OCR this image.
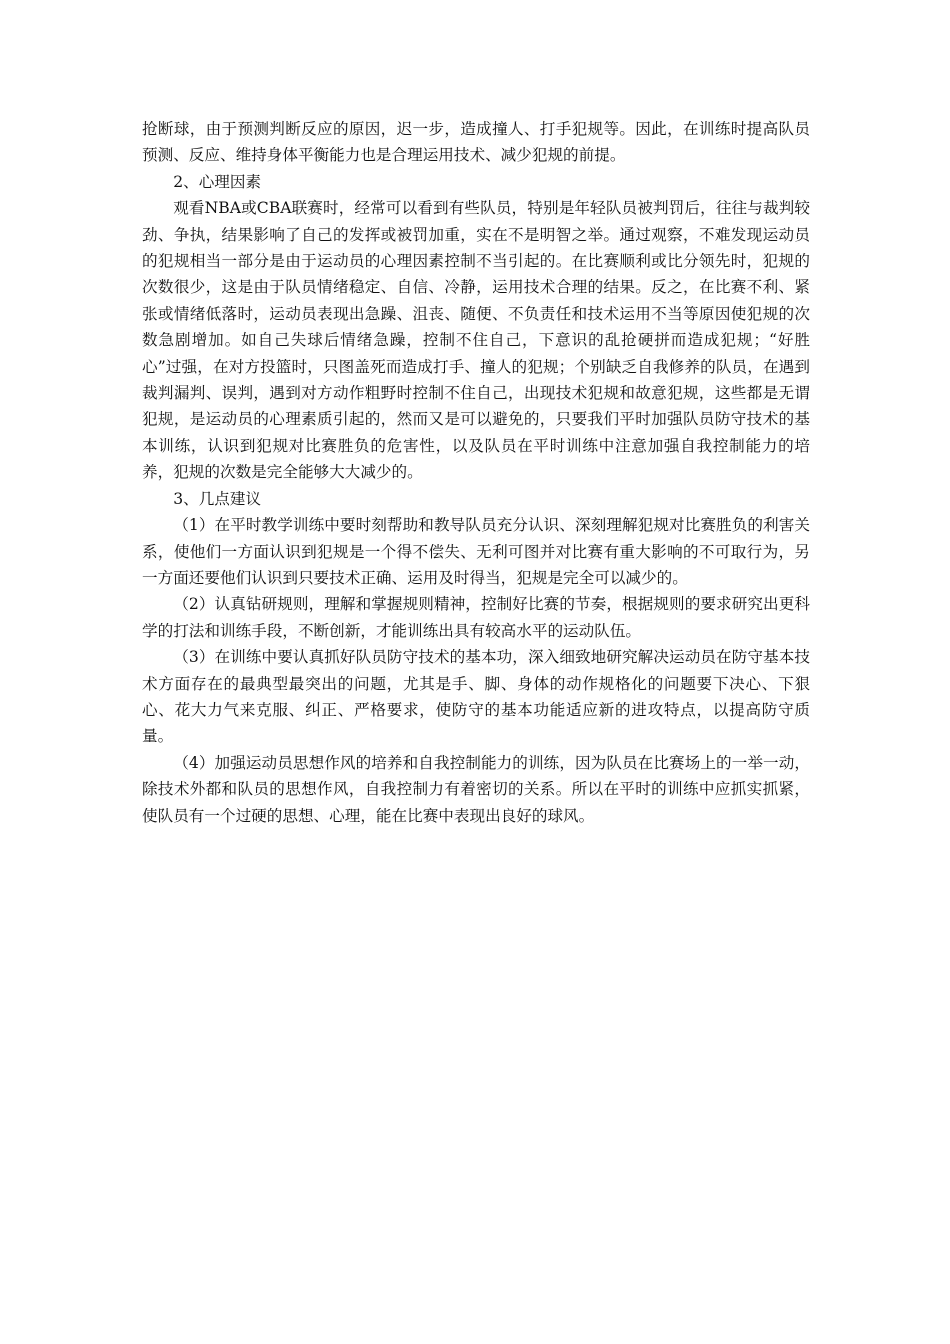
抢断球，由于预测判断反应的原因，迟一步，造成撞人、打手犯规等。因此，在训练时提高队员预测、反应、维持身体平衡能力也是合理运用技术、减少犯规的前提。

2、心理因素

观看NBA或CBA联赛时，经常可以看到有些队员，特别是年轻队员被判罚后，往往与裁判较劲、争执，结果影响了自己的发挥或被罚加重，实在不是明智之举。通过观察，不难发现运动员的犯规相当一部分是由于运动员的心理因素控制不当引起的。在比赛顺利或比分领先时，犯规的次数很少，这是由于队员情绪稳定、自信、冷静，运用技术合理的结果。反之，在比赛不利、紧张或情绪低落时，运动员表现出急躁、沮丧、随便、不负责任和技术运用不当等原因使犯规的次数急剧增加。如自己失球后情绪急躁，控制不住自己，下意识的乱抢硬拼而造成犯规；“好胜心”过强，在对方投篮时，只图盖死而造成打手、撞人的犯规；个别缺乏自我修养的队员，在遇到裁判漏判、误判，遇到对方动作粗野时控制不住自己，出现技术犯规和故意犯规，这些都是无谓犯规，是运动员的心理素质引起的，然而又是可以避免的，只要我们平时加强队员防守技术的基本训练，认识到犯规对比赛胜负的危害性，以及队员在平时训练中注意加强自我控制能力的培养，犯规的次数是完全能够大大减少的。

3、几点建议

（1）在平时教学训练中要时刻帮助和教导队员充分认识、深刻理解犯规对比赛胜负的利害关系，使他们一方面认识到犯规是一个得不偿失、无利可图并对比赛有重大影响的不可取行为，另一方面还要他们认识到只要技术正确、运用及时得当，犯规是完全可以减少的。

（2）认真钻研规则，理解和掌握规则精神，控制好比赛的节奏，根据规则的要求研究出更科学的打法和训练手段，不断创新，才能训练出具有较高水平的运动队伍。

（3）在训练中要认真抓好队员防守技术的基本功，深入细致地研究解决运动员在防守基本技术方面存在的最典型最突出的问题，尤其是手、脚、身体的动作规格化的问题要下决心、下狠心、花大力气来克服、纠正、严格要求，使防守的基本功能适应新的进攻特点，以提高防守质量。

（4）加强运动员思想作风的培养和自我控制能力的训练，因为队员在比赛场上的一举一动，除技术外都和队员的思想作风，自我控制力有着密切的关系。所以在平时的训练中应抓实抓紧，使队员有一个过硬的思想、心理，能在比赛中表现出良好的球风。
